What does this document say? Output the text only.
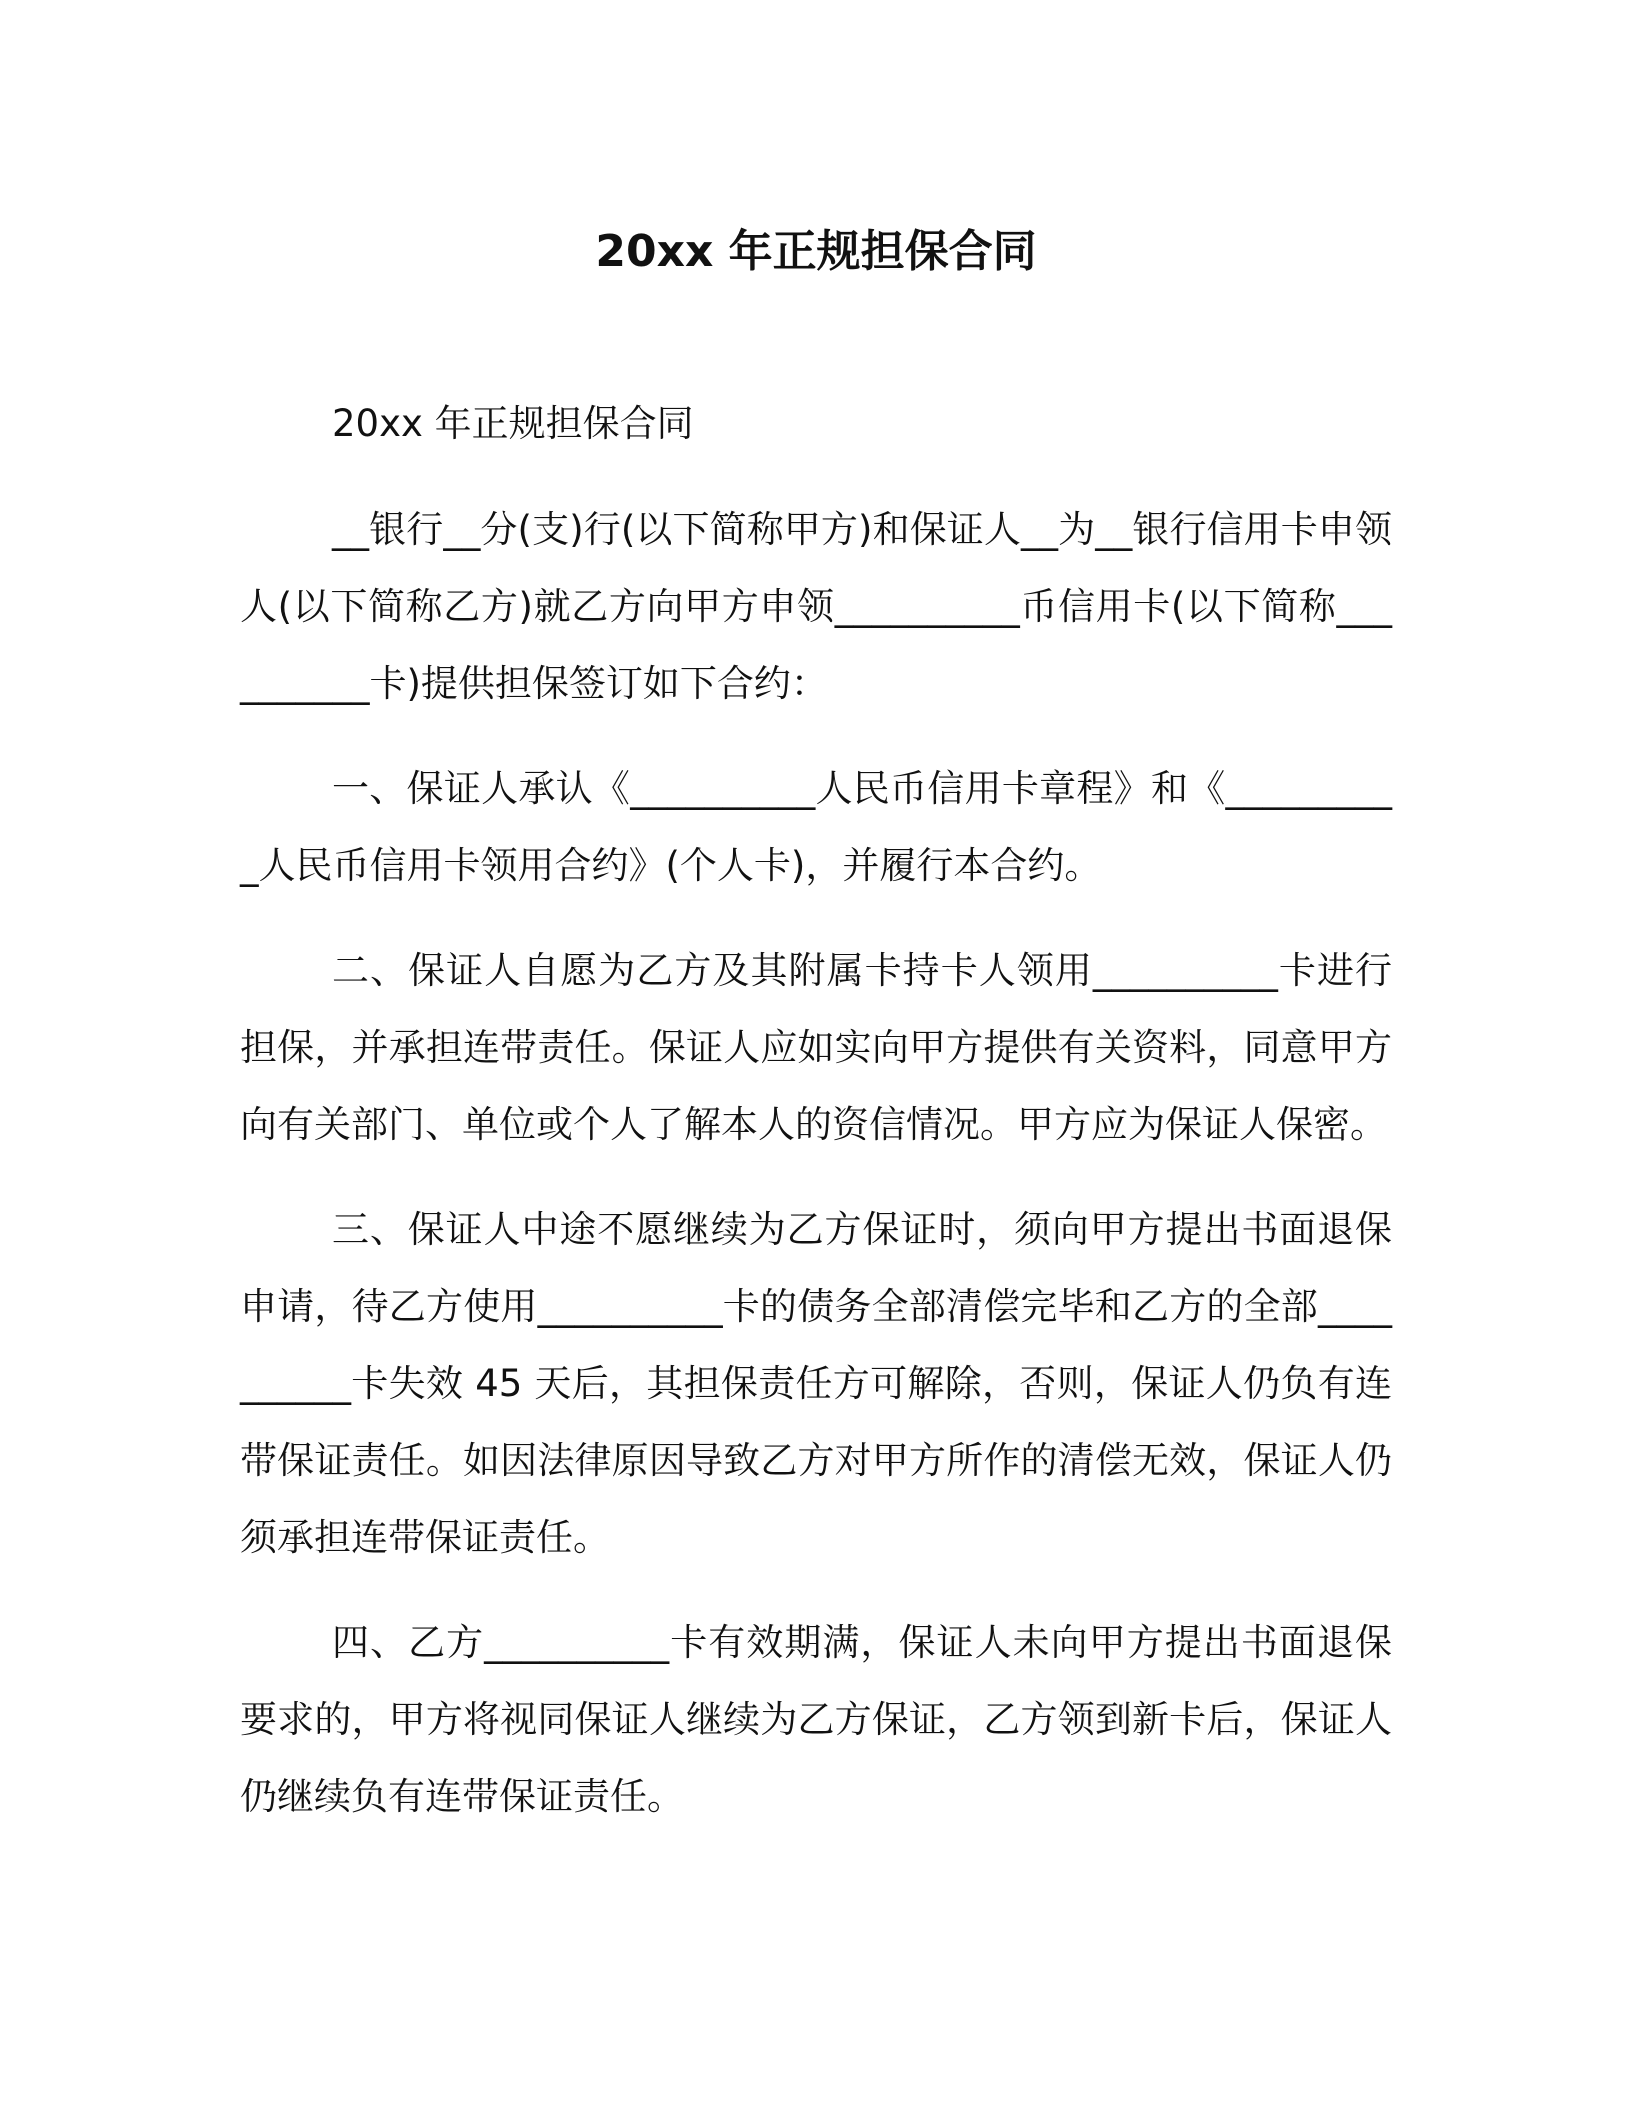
20xx 年正规担保合同

20xx 年正规担保合同

__银行__分(支)行(以下简称甲方)和保证人__为__银行信用卡申领人(以下简称乙方)就乙方向甲方申领__________币信用卡(以下简称__________卡)提供担保签订如下合约：

一、保证人承认《__________人民币信用卡章程》和《__________人民币信用卡领用合约》(个人卡)，并履行本合约。

二、保证人自愿为乙方及其附属卡持卡人领用__________卡进行担保，并承担连带责任。保证人应如实向甲方提供有关资料，同意甲方向有关部门、单位或个人了解本人的资信情况。甲方应为保证人保密。

三、保证人中途不愿继续为乙方保证时，须向甲方提出书面退保申请，待乙方使用__________卡的债务全部清偿完毕和乙方的全部__________卡失效 45 天后，其担保责任方可解除，否则，保证人仍负有连带保证责任。如因法律原因导致乙方对甲方所作的清偿无效，保证人仍须承担连带保证责任。

四、乙方__________卡有效期满，保证人未向甲方提出书面退保要求的，甲方将视同保证人继续为乙方保证，乙方领到新卡后，保证人仍继续负有连带保证责任。
